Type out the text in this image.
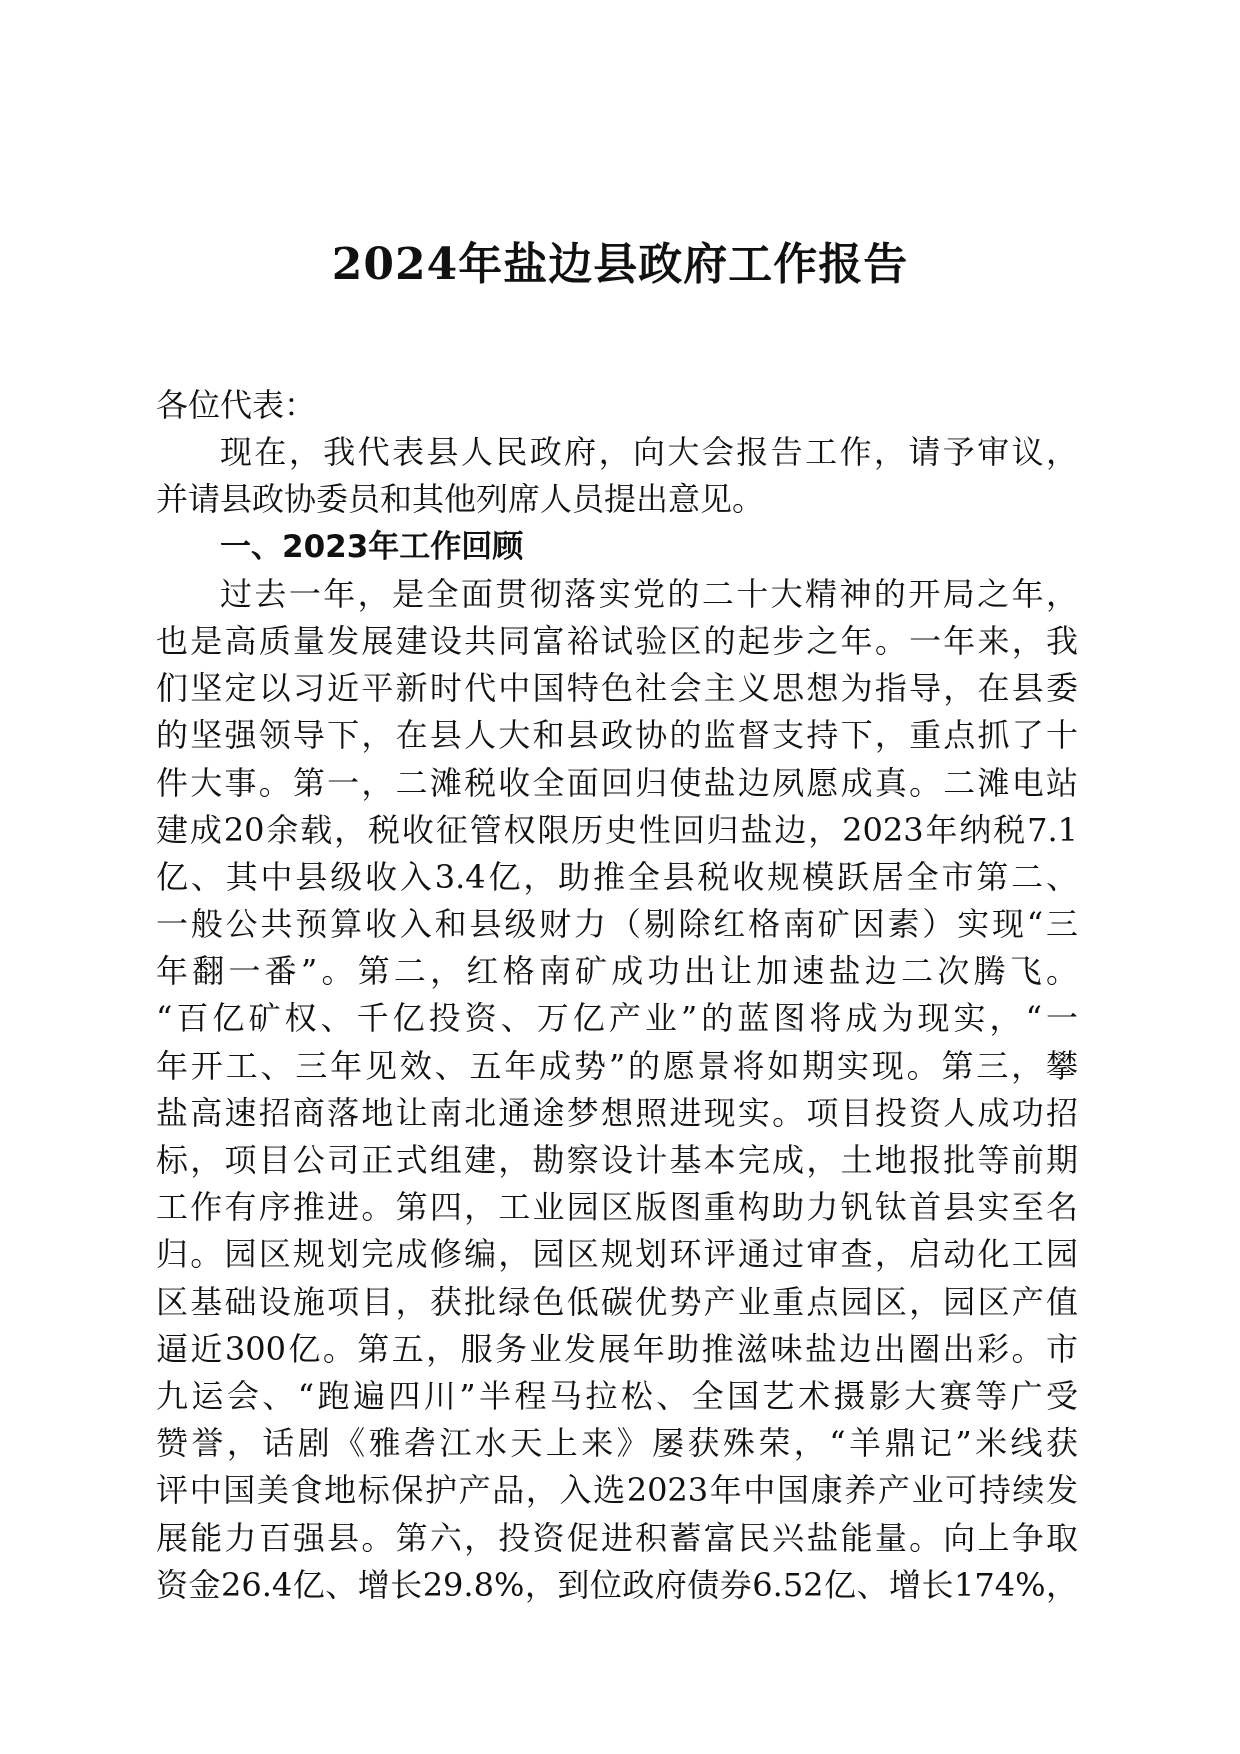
2024年盐边县政府工作报告
各位代表：
现在，我代表县人民政府，向大会报告工作，请予审议，
并请县政协委员和其他列席人员提出意见。
一、2023年工作回顾
过去一年，是全面贯彻落实党的二十大精神的开局之年，
也是高质量发展建设共同富裕试验区的起步之年。一年来，我
们坚定以习近平新时代中国特色社会主义思想为指导，在县委
的坚强领导下，在县人大和县政协的监督支持下，重点抓了十
件大事。第一，二滩税收全面回归使盐边夙愿成真。二滩电站
建成20余载，税收征管权限历史性回归盐边，2023年纳税7.1
亿、其中县级收入3.4亿，助推全县税收规模跃居全市第二、
一般公共预算收入和县级财力（剔除红格南矿因素）实现“三
年翻一番”。第二，红格南矿成功出让加速盐边二次腾飞。
“百亿矿权、千亿投资、万亿产业”的蓝图将成为现实，“一
年开工、三年见效、五年成势”的愿景将如期实现。第三，攀
盐高速招商落地让南北通途梦想照进现实。项目投资人成功招
标，项目公司正式组建，勘察设计基本完成，土地报批等前期
工作有序推进。第四，工业园区版图重构助力钒钛首县实至名
归。园区规划完成修编，园区规划环评通过审查，启动化工园
区基础设施项目，获批绿色低碳优势产业重点园区，园区产值
逼近300亿。第五，服务业发展年助推滋味盐边出圈出彩。市
九运会、“跑遍四川”半程马拉松、全国艺术摄影大赛等广受
赞誉，话剧《雅砻江水天上来》屡获殊荣，“羊鼎记”米线获
评中国美食地标保护产品，入选2023年中国康养产业可持续发
展能力百强县。第六，投资促进积蓄富民兴盐能量。向上争取
资金26.4亿、增长29.8%，到位政府债券6.52亿、增长174%，
